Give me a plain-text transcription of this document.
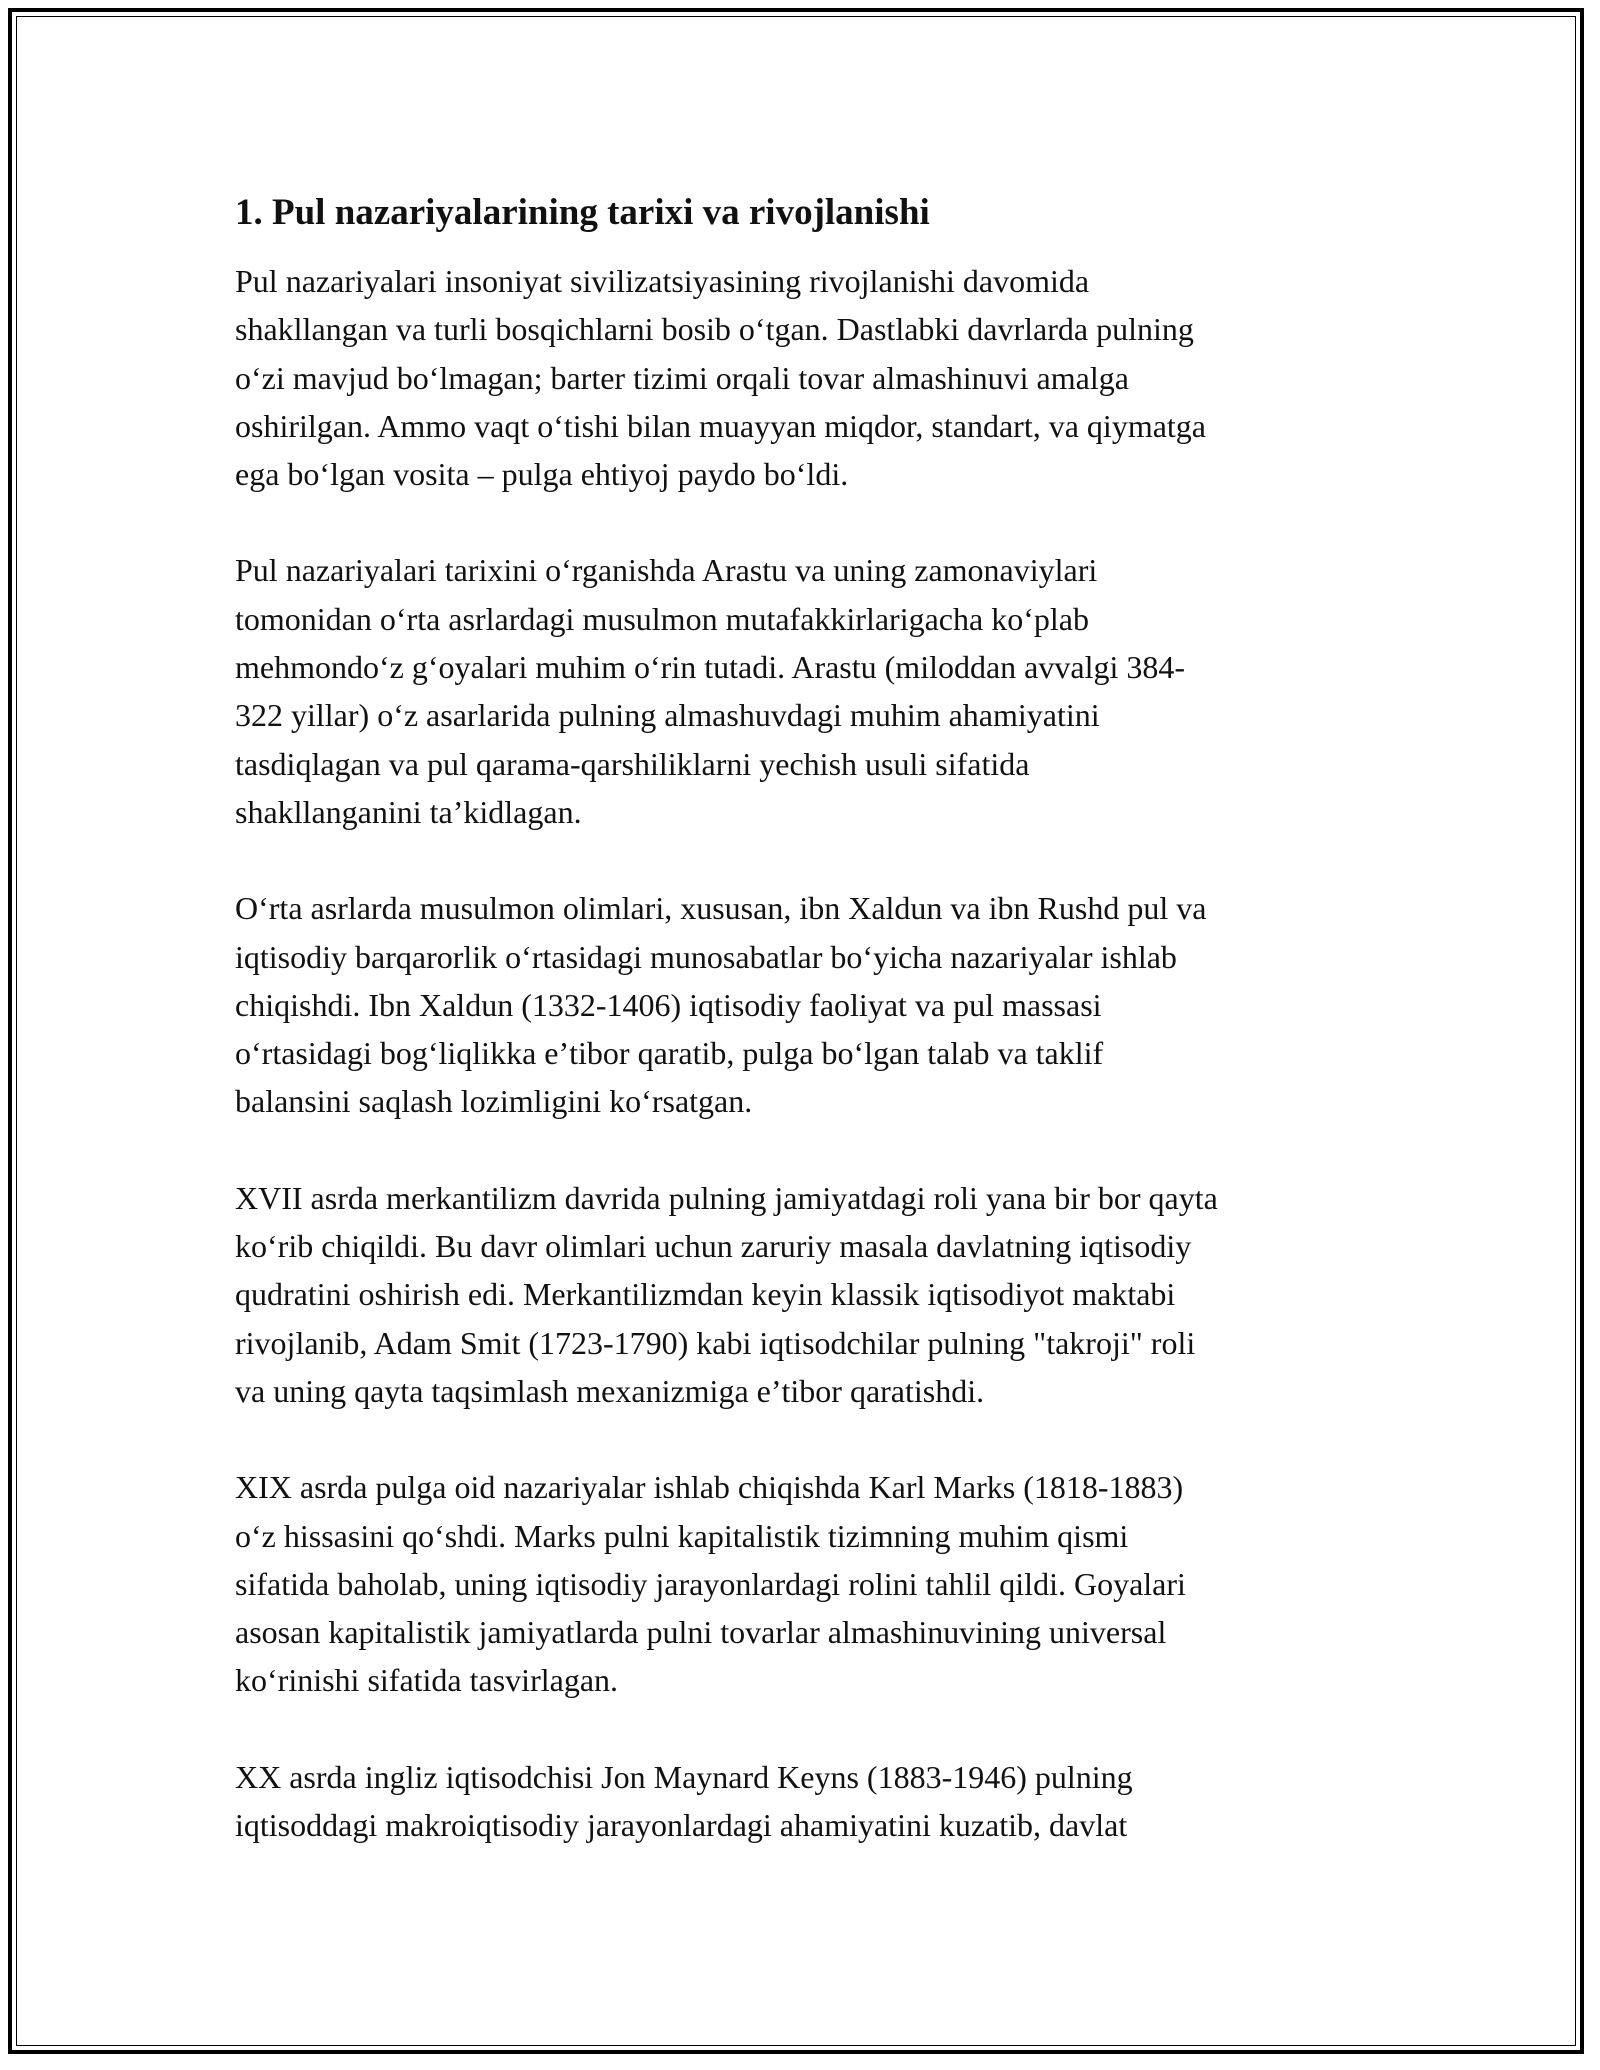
1. Pul nazariyalarining tarixi va rivojlanishi

Pul nazariyalari insoniyat sivilizatsiyasining rivojlanishi davomida
shakllangan va turli bosqichlarni bosib oʻtgan. Dastlabki davrlarda pulning
oʻzi mavjud boʻlmagan; barter tizimi orqali tovar almashinuvi amalga
oshirilgan. Ammo vaqt oʻtishi bilan muayyan miqdor, standart, va qiymatga
ega boʻlgan vosita – pulga ehtiyoj paydo boʻldi.

Pul nazariyalari tarixini oʻrganishda Arastu va uning zamonaviylari
tomonidan oʻrta asrlardagi musulmon mutafakkirlarigacha koʻplab
mehmondoʻz gʻoyalari muhim oʻrin tutadi. Arastu (miloddan avvalgi 384-
322 yillar) oʻz asarlarida pulning almashuvdagi muhim ahamiyatini
tasdiqlagan va pul qarama-qarshiliklarni yechish usuli sifatida
shakllanganini taʼkidlagan.

Oʻrta asrlarda musulmon olimlari, xususan, ibn Xaldun va ibn Rushd pul va
iqtisodiy barqarorlik oʻrtasidagi munosabatlar boʻyicha nazariyalar ishlab
chiqishdi. Ibn Xaldun (1332-1406) iqtisodiy faoliyat va pul massasi
oʻrtasidagi bogʻliqlikka eʼtibor qaratib, pulga boʻlgan talab va taklif
balansini saqlash lozimligini koʻrsatgan.

XVII asrda merkantilizm davrida pulning jamiyatdagi roli yana bir bor qayta
koʻrib chiqildi. Bu davr olimlari uchun zaruriy masala davlatning iqtisodiy
qudratini oshirish edi. Merkantilizmdan keyin klassik iqtisodiyot maktabi
rivojlanib, Adam Smit (1723-1790) kabi iqtisodchilar pulning "takroji" roli
va uning qayta taqsimlash mexanizmiga eʼtibor qaratishdi.

XIX asrda pulga oid nazariyalar ishlab chiqishda Karl Marks (1818-1883)
oʻz hissasini qoʻshdi. Marks pulni kapitalistik tizimning muhim qismi
sifatida baholab, uning iqtisodiy jarayonlardagi rolini tahlil qildi. Goyalari
asosan kapitalistik jamiyatlarda pulni tovarlar almashinuvining universal
koʻrinishi sifatida tasvirlagan.

XX asrda ingliz iqtisodchisi Jon Maynard Keyns (1883-1946) pulning
iqtisoddagi makroiqtisodiy jarayonlardagi ahamiyatini kuzatib, davlat
